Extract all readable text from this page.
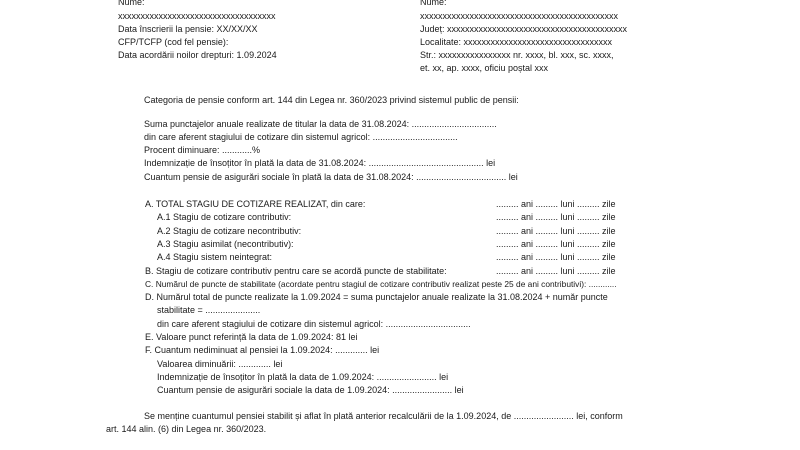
Nume:

xxxxxxxxxxxxxxxxxxxxxxxxxxxxxxxxxxx

Data înscrierii la pensie: XX/XX/XX

CFP/TCFP (cod fel pensie):

Data acordării noilor drepturi: 1.09.2024

Nume:

xxxxxxxxxxxxxxxxxxxxxxxxxxxxxxxxxxxxxxxxxxxx

Județ: xxxxxxxxxxxxxxxxxxxxxxxxxxxxxxxxxxxxxxxx

Localitate: xxxxxxxxxxxxxxxxxxxxxxxxxxxxxxxxx

Str.: xxxxxxxxxxxxxxxx nr. xxxx, bl. xxx, sc. xxxx,

et. xx, ap. xxxx, oficiu poștal xxx

Categoria de pensie conform art. 144 din Legea nr. 360/2023 privind sistemul public de pensii:

Suma punctajelor anuale realizate de titular la data de 31.08.2024: ..................................

din care aferent stagiului de cotizare din sistemul agricol: ..................................

Procent diminuare: ............%

Indemnizație de însoțitor în plată la data de 31.08.2024: .............................................. lei

Cuantum pensie de asigurări sociale în plată la data de 31.08.2024: .................................... lei

A. TOTAL STAGIU DE COTIZARE REALIZAT, din care:	......... ani ......... luni ......... zile

A.1 Stagiu de cotizare contributiv:	......... ani ......... luni ......... zile

A.2 Stagiu de cotizare necontributiv:	......... ani ......... luni ......... zile

A.3 Stagiu asimilat (necontributiv):	......... ani ......... luni ......... zile

A.4 Stagiu sistem neintegrat:	......... ani ......... luni ......... zile

B. Stagiu de cotizare contributiv pentru care se acordă puncte de stabilitate:	......... ani ......... luni ......... zile

C. Numărul de puncte de stabilitate (acordate pentru stagiul de cotizare contributiv realizat peste 25 de ani contributivi): ............

D. Numărul total de puncte realizate la 1.09.2024 = suma punctajelor anuale realizate la 31.08.2024 + număr puncte

stabilitate = ......................

din care aferent stagiului de cotizare din sistemul agricol: ..................................

E. Valoare punct referință la data de 1.09.2024: 81 lei

F. Cuantum nediminuat al pensiei la 1.09.2024: ............. lei

Valoarea diminuării: ............. lei

Indemnizație de însoțitor în plată la data de 1.09.2024: ........................ lei

Cuantum pensie de asigurări sociale la data de 1.09.2024: ........................ lei

Se menține cuantumul pensiei stabilit și aflat în plată anterior recalculării de la 1.09.2024, de ........................ lei, conform

art. 144 alin. (6) din Legea nr. 360/2023.
